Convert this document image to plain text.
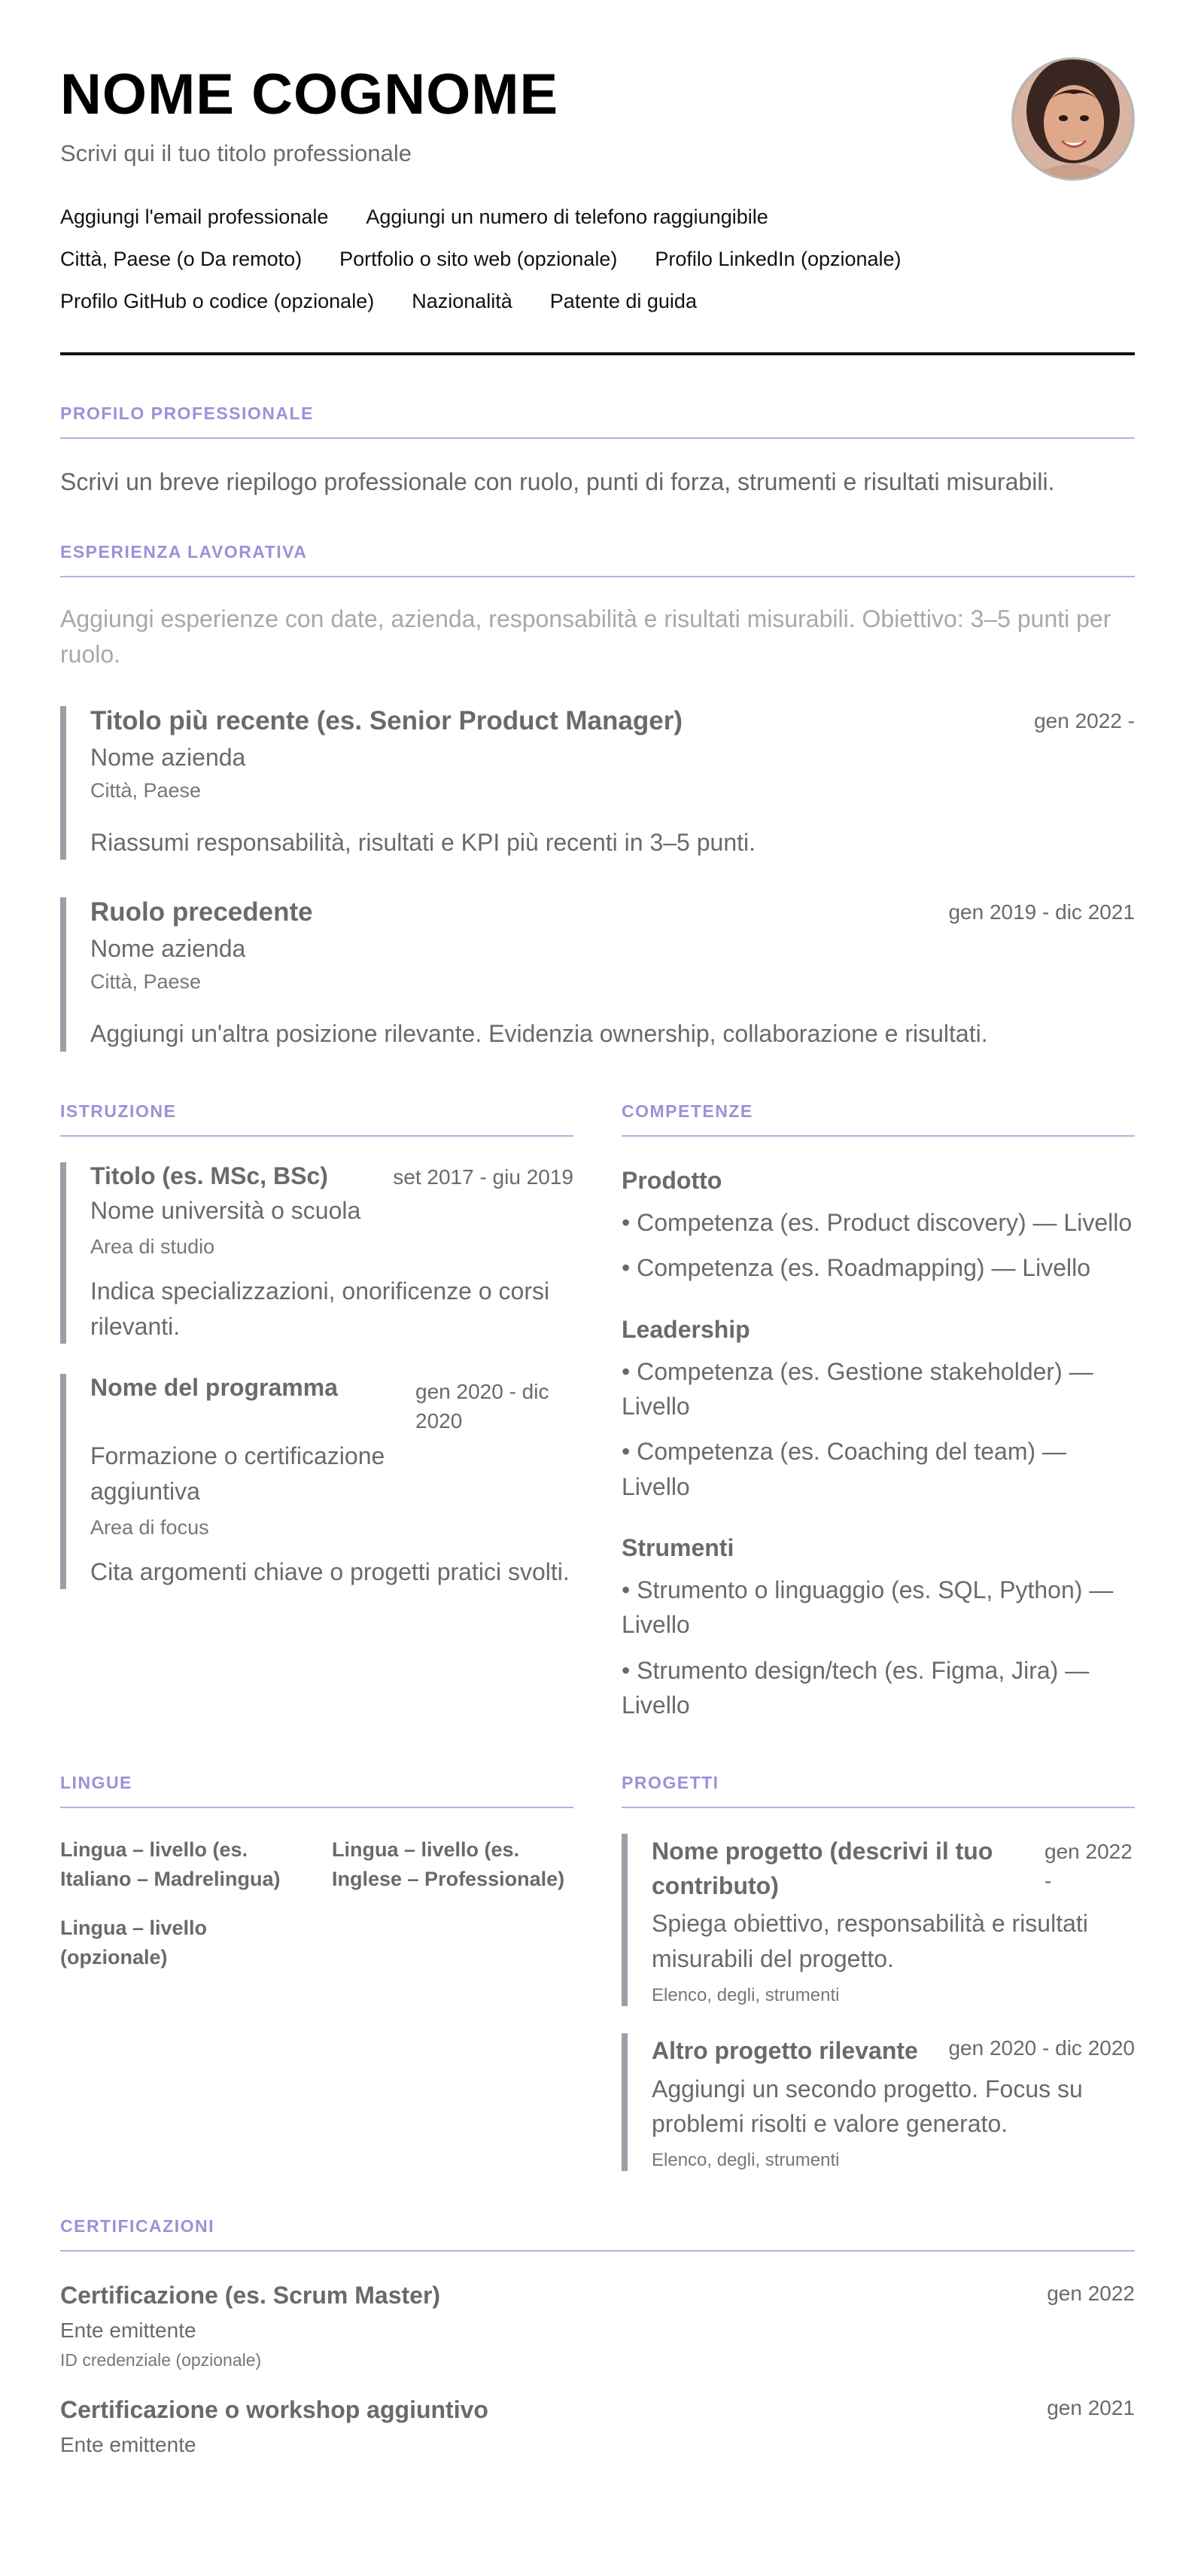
NOME COGNOME
Scrivi qui il tuo titolo professionale
Aggiungi l'email professionale Aggiungi un numero di telefono raggiungibile
Città, Paese (o Da remoto) Portfolio o sito web (opzionale) Profilo LinkedIn (opzionale)
Profilo GitHub o codice (opzionale) Nazionalità Patente di guida
PROFILO PROFESSIONALE
Scrivi un breve riepilogo professionale con ruolo, punti di forza, strumenti e risultati misurabili.
ESPERIENZA LAVORATIVA
Aggiungi esperienze con date, azienda, responsabilità e risultati misurabili. Obiettivo: 3–5 punti per ruolo.
Titolo più recente (es. Senior Product Manager)	gen 2022 -
Nome azienda
Città, Paese
Riassumi responsabilità, risultati e KPI più recenti in 3–5 punti.
Ruolo precedente	gen 2019 - dic 2021
Nome azienda
Città, Paese
Aggiungi un'altra posizione rilevante. Evidenzia ownership, collaborazione e risultati.
ISTRUZIONE
Titolo (es. MSc, BSc)	set 2017 - giu 2019
Nome università o scuola
Area di studio
Indica specializzazioni, onorificenze o corsi rilevanti.
Nome del programma	gen 2020 - dic 2020
Formazione o certificazione aggiuntiva
Area di focus
Cita argomenti chiave o progetti pratici svolti.
COMPETENZE
Prodotto
• Competenza (es. Product discovery) — Livello
• Competenza (es. Roadmapping) — Livello
Leadership
• Competenza (es. Gestione stakeholder) — Livello
• Competenza (es. Coaching del team) — Livello
Strumenti
• Strumento o linguaggio (es. SQL, Python) — Livello
• Strumento design/tech (es. Figma, Jira) — Livello
LINGUE
Lingua – livello (es. Italiano – Madrelingua)
Lingua – livello (es. Inglese – Professionale)
Lingua – livello (opzionale)
PROGETTI
Nome progetto (descrivi il tuo contributo)
gen 2022 -
Spiega obiettivo, responsabilità e risultati misurabili del progetto.
Elenco, degli, strumenti
Altro progetto rilevante gen 2020 - dic 2020
Aggiungi un secondo progetto. Focus su problemi risolti e valore generato.
Elenco, degli, strumenti
CERTIFICAZIONI
Certificazione (es. Scrum Master)	gen 2022
Ente emittente
ID credenziale (opzionale)
Certificazione o workshop aggiuntivo	gen 2021
Ente emittente
